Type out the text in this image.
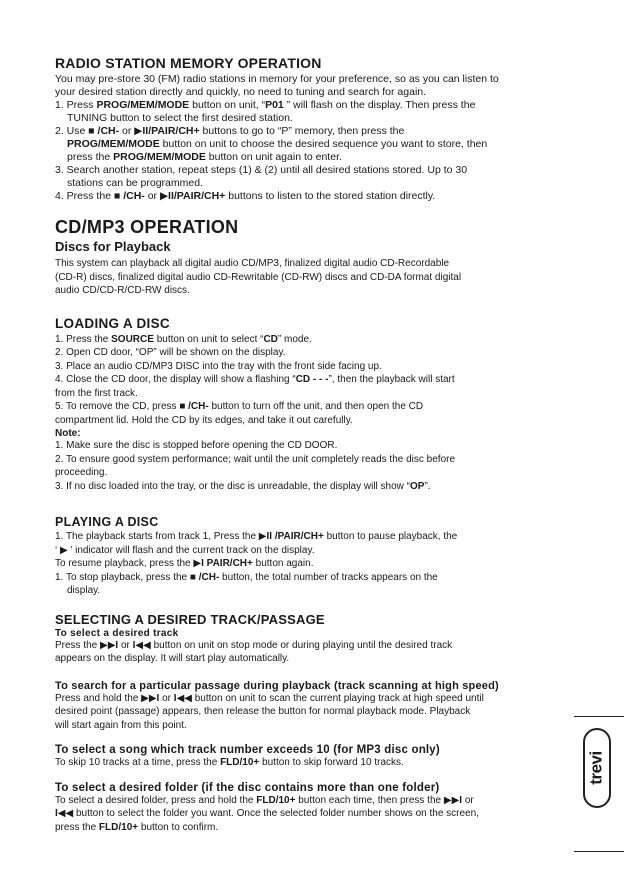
RADIO STATION MEMORY OPERATION

You may pre-store 30 (FM) radio stations in memory for your preference, so as you can listen to

your desired station directly and quickly, no need to tuning and search for again.

1. Press PROG/MEM/MODE button on unit, “P01 ” will flash on the display. Then press the

TUNING button to select the first desired station.

2. Use ■ /CH- or ▶II/PAIR/CH+ buttons to go to “P” memory, then press the

PROG/MEM/MODE button on unit to choose the desired sequence you want to store, then

press the PROG/MEM/MODE button on unit again to enter.

3. Search another station, repeat steps (1) & (2) until all desired stations stored. Up to 30

stations can be programmed.

4. Press the ■ /CH- or ▶II/PAIR/CH+ buttons to listen to the stored station directly.

CD/MP3 OPERATION
Discs for Playback

This system can playback all digital audio CD/MP3, finalized digital audio CD-Recordable

(CD-R) discs, finalized digital audio CD-Rewritable (CD-RW) discs and CD-DA format digital

audio CD/CD-R/CD-RW discs.

LOADING A DISC

1. Press the SOURCE button on unit to select “CD” mode.

2. Open CD door, “OP” will be shown on the display.

3. Place an audio CD/MP3 DISC into the tray with the front side facing up.

4. Close the CD door, the display will show a flashing “CD - - -”, then the playback will start

from the first track.

5. To remove the CD, press ■ /CH- button to turn off the unit, and then open the CD

compartment lid. Hold the CD by its edges, and take it out carefully.

Note:

1. Make sure the disc is stopped before opening the CD DOOR.

2. To ensure good system performance; wait until the unit completely reads the disc before

proceeding.

3. If no disc loaded into the tray, or the disc is unreadable, the display will show “OP”.

PLAYING A DISC

1. The playback starts from track 1, Press the ▶II /PAIR/CH+ button to pause playback, the

‘ ▶ ’ indicator will flash and the current track on the display.

To resume playback, press the ▶I PAIR/CH+ button again.

1. To stop playback, press the ■ /CH- button, the total number of tracks appears on the

display.

SELECTING A DESIRED TRACK/PASSAGE
To select a desired track

Press the ▶▶I or I◀◀ button on unit on stop mode or during playing until the desired track

appears on the display. It will start play automatically.

To search for a particular passage during playback (track scanning at high speed)

Press and hold the ▶▶I or I◀◀ button on unit to scan the current playing track at high speed until

desired point (passage) appears, then release the button for normal playback mode. Playback

will start again from this point.

To select a song which track number exceeds 10 (for MP3 disc only)

To skip 10 tracks at a time, press the FLD/10+ button to skip forward 10 tracks.

To select a desired folder (if the disc contains more than one folder)

To select a desired folder, press and hold the FLD/10+ button each time, then press the ▶▶I or

I◀◀ button to select the folder you want. Once the selected folder number shows on the screen,

press the FLD/10+ button to confirm.

trevi
